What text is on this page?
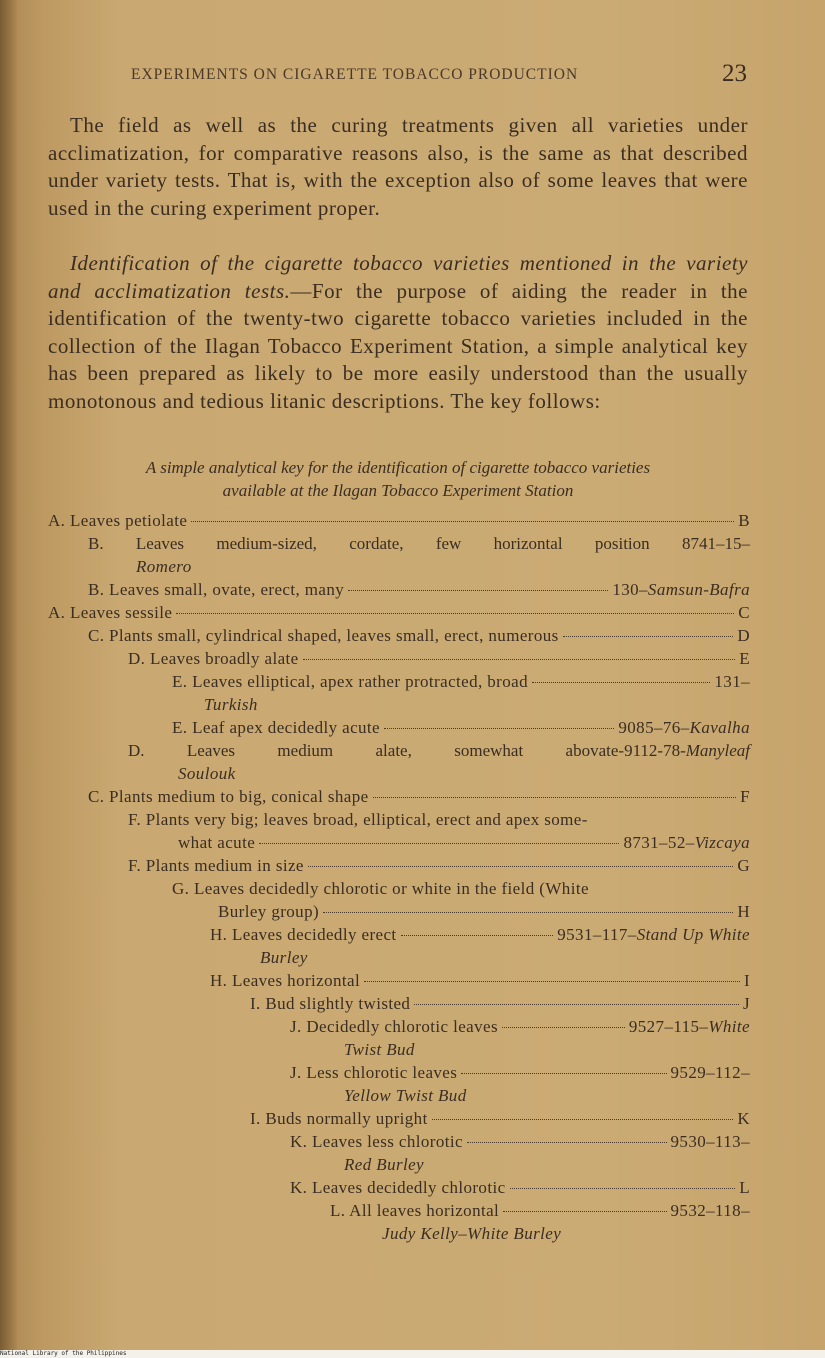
EXPERIMENTS ON CIGARETTE TOBACCO PRODUCTION	23

The field as well as the curing treatments given all varieties under acclimatization, for comparative reasons also, is the same as that described under variety tests. That is, with the exception also of some leaves that were used in the curing experiment proper.

Identification of the cigarette tobacco varieties mentioned in the variety and acclimatization tests.—For the purpose of aiding the reader in the identification of the twenty-two cigarette tobacco varieties included in the collection of the Ilagan Tobacco Experiment Station, a simple analytical key has been prepared as likely to be more easily understood than the usually monotonous and tedious litanic descriptions. The key follows:

A simple analytical key for the identification of cigarette tobacco varieties
available at the Ilagan Tobacco Experiment Station
A. Leaves petiolate	B
B. Leaves medium-sized, cordate, few horizontal position 8741–15–
Romero
B. Leaves small, ovate, erect, many	130–Samsun-Bafra
A. Leaves sessile	C
C. Plants small, cylindrical shaped, leaves small, erect, numerous	D
D. Leaves broadly alate	E
E. Leaves elliptical, apex rather protracted, broad	131–
Turkish
E. Leaf apex decidedly acute	9085–76–Kavalha
D. Leaves medium alate, somewhat abovate-9112-78-Manyleaf
Soulouk
C. Plants medium to big, conical shape	F
F. Plants very big; leaves broad, elliptical, erect and apex some-
what acute	8731–52–Vizcaya
F. Plants medium in size	G
G. Leaves decidedly chlorotic or white in the field (White
Burley group)	H
H. Leaves decidedly erect	9531–117–Stand Up White
Burley
H. Leaves horizontal	I
I. Bud slightly twisted	J
J. Decidedly chlorotic leaves	9527–115–White
Twist Bud
J. Less chlorotic leaves	9529–112–
Yellow Twist Bud
I. Buds normally upright	K
K. Leaves less chlorotic	9530–113–
Red Burley
K. Leaves decidedly chlorotic	L
L. All leaves horizontal	9532–118–
Judy Kelly–White Burley
National Library of the Philippines
